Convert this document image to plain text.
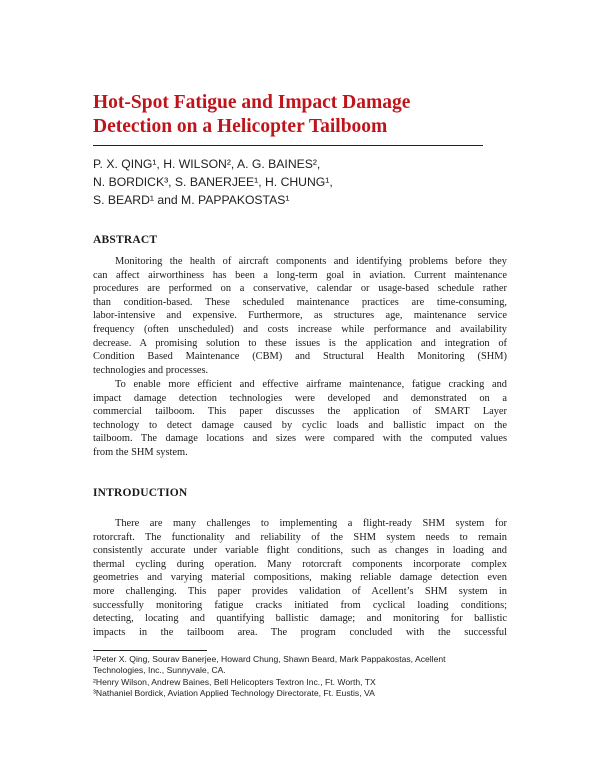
Hot-Spot Fatigue and Impact Damage
Detection on a Helicopter Tailboom
P. X. QING¹, H. WILSON², A. G. BAINES²,
N. BORDICK³, S. BANERJEE¹, H. CHUNG¹,
S. BEARD¹ and M. PAPPAKOSTAS¹
ABSTRACT
Monitoring the health of aircraft components and identifying problems before they
can affect airworthiness has been a long-term goal in aviation. Current maintenance
procedures are performed on a conservative, calendar or usage-based schedule rather
than condition-based. These scheduled maintenance practices are time-consuming,
labor-intensive and expensive. Furthermore, as structures age, maintenance service
frequency (often unscheduled) and costs increase while performance and availability
decrease. A promising solution to these issues is the application and integration of
Condition Based Maintenance (CBM) and Structural Health Monitoring (SHM)
technologies and processes.
To enable more efficient and effective airframe maintenance, fatigue cracking and
impact damage detection technologies were developed and demonstrated on a
commercial tailboom. This paper discusses the application of SMART Layer
technology to detect damage caused by cyclic loads and ballistic impact on the
tailboom. The damage locations and sizes were compared with the computed values
from the SHM system.
INTRODUCTION
There are many challenges to implementing a flight-ready SHM system for
rotorcraft. The functionality and reliability of the SHM system needs to remain
consistently accurate under variable flight conditions, such as changes in loading and
thermal cycling during operation. Many rotorcraft components incorporate complex
geometries and varying material compositions, making reliable damage detection even
more challenging. This paper provides validation of Acellent’s SHM system in
successfully monitoring fatigue cracks initiated from cyclical loading conditions;
detecting, locating and quantifying ballistic damage; and monitoring for ballistic
impacts in the tailboom area. The program concluded with the successful
¹Peter X. Qing, Sourav Banerjee, Howard Chung, Shawn Beard, Mark Pappakostas, Acellent
Technologies, Inc., Sunnyvale, CA.
²Henry Wilson, Andrew Baines, Bell Helicopters Textron Inc., Ft. Worth, TX
³Nathaniel Bordick, Aviation Applied Technology Directorate, Ft. Eustis, VA
